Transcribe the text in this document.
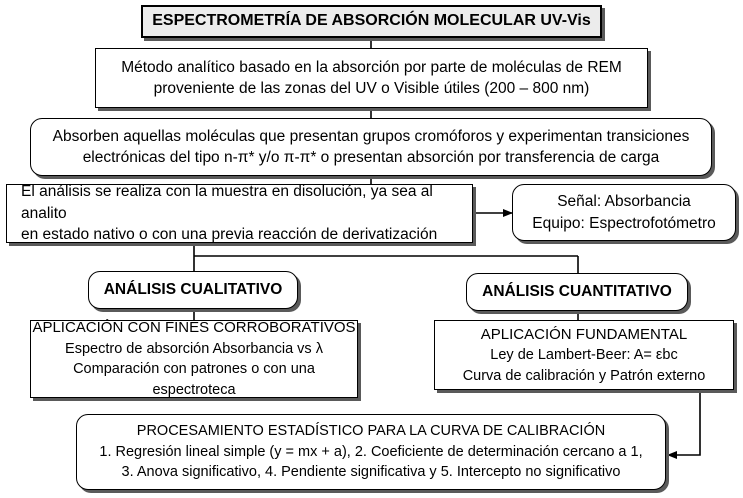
ESPECTROMETRÍA DE ABSORCIÓN MOLECULAR UV-Vis
Método analítico basado en la absorción por parte de moléculas de REM
proveniente de las zonas del UV o Visible útiles (200 – 800 nm)
Absorben aquellas moléculas que presentan grupos cromóforos y experimentan transiciones
electrónicas del tipo n-π* y/o π-π* o presentan absorción por transferencia de carga
El análisis se realiza con la muestra en disolución, ya sea al analito
en estado nativo o con una previa reacción de derivatización
Señal: Absorbancia
Equipo: Espectrofotómetro
ANÁLISIS CUALITATIVO	ANÁLISIS CUANTITATIVO
APLICACIÓN CON FINES CORROBORATIVOS
Espectro de absorción Absorbancia vs λ
Comparación con patrones o con una espectroteca
APLICACIÓN FUNDAMENTAL
Ley de Lambert-Beer: A= εbc
Curva de calibración y Patrón externo
PROCESAMIENTO ESTADÍSTICO PARA LA CURVA DE CALIBRACIÓN
1. Regresión lineal simple (y = mx + a), 2. Coeficiente de determinación cercano a 1,
3. Anova significativo, 4. Pendiente significativa y 5. Intercepto no significativo
